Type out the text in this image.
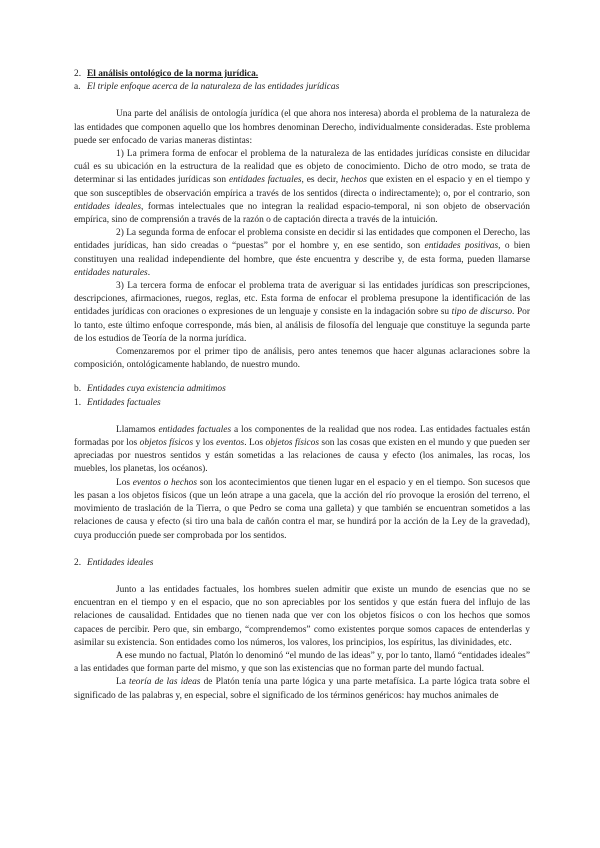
2. El análisis ontológico de la norma jurídica.

a. El triple enfoque acerca de la naturaleza de las entidades jurídicas

Una parte del análisis de ontología jurídica (el que ahora nos interesa) aborda el problema de la naturaleza de las entidades que componen aquello que los hombres denominan Derecho, individualmente consideradas. Este problema puede ser enfocado de varias maneras distintas:

1) La primera forma de enfocar el problema de la naturaleza de las entidades jurídicas consiste en dilucidar cuál es su ubicación en la estructura de la realidad que es objeto de conocimiento. Dicho de otro modo, se trata de determinar si las entidades jurídicas son entidades factuales, es decir, hechos que existen en el espacio y en el tiempo y que son susceptibles de observación empírica a través de los sentidos (directa o indirectamente); o, por el contrario, son entidades ideales, formas intelectuales que no integran la realidad espacio-temporal, ni son objeto de observación empírica, sino de comprensión a través de la razón o de captación directa a través de la intuición.

2) La segunda forma de enfocar el problema consiste en decidir si las entidades que componen el Derecho, las entidades jurídicas, han sido creadas o “puestas” por el hombre y, en ese sentido, son entidades positivas, o bien constituyen una realidad independiente del hombre, que éste encuentra y describe y, de esta forma, pueden llamarse entidades naturales.

3) La tercera forma de enfocar el problema trata de averiguar si las entidades jurídicas son prescripciones, descripciones, afirmaciones, ruegos, reglas, etc. Esta forma de enfocar el problema presupone la identificación de las entidades jurídicas con oraciones o expresiones de un lenguaje y consiste en la indagación sobre su tipo de discurso. Por lo tanto, este último enfoque corresponde, más bien, al análisis de filosofía del lenguaje que constituye la segunda parte de los estudios de Teoría de la norma jurídica.

Comenzaremos por el primer tipo de análisis, pero antes tenemos que hacer algunas aclaraciones sobre la composición, ontológicamente hablando, de nuestro mundo.

b. Entidades cuya existencia admitimos

1. Entidades factuales

Llamamos entidades factuales a los componentes de la realidad que nos rodea. Las entidades factuales están formadas por los objetos físicos y los eventos. Los objetos físicos son las cosas que existen en el mundo y que pueden ser apreciadas por nuestros sentidos y están sometidas a las relaciones de causa y efecto (los animales, las rocas, los muebles, los planetas, los océanos).

Los eventos o hechos son los acontecimientos que tienen lugar en el espacio y en el tiempo. Son sucesos que les pasan a los objetos físicos (que un león atrape a una gacela, que la acción del río provoque la erosión del terreno, el movimiento de traslación de la Tierra, o que Pedro se coma una galleta) y que también se encuentran sometidos a las relaciones de causa y efecto (si tiro una bala de cañón contra el mar, se hundirá por la acción de la Ley de la gravedad), cuya producción puede ser comprobada por los sentidos.

2. Entidades ideales

Junto a las entidades factuales, los hombres suelen admitir que existe un mundo de esencias que no se encuentran en el tiempo y en el espacio, que no son apreciables por los sentidos y que están fuera del influjo de las relaciones de causalidad. Entidades que no tienen nada que ver con los objetos físicos o con los hechos que somos capaces de percibir. Pero que, sin embargo, “comprendemos” como existentes porque somos capaces de entenderlas y asimilar su existencia. Son entidades como los números, los valores, los principios, los espíritus, las divinidades, etc.

A ese mundo no factual, Platón lo denominó “el mundo de las ideas” y, por lo tanto, llamó “entidades ideales” a las entidades que forman parte del mismo, y que son las existencias que no forman parte del mundo factual.

La teoría de las ideas de Platón tenía una parte lógica y una parte metafísica. La parte lógica trata sobre el significado de las palabras y, en especial, sobre el significado de los términos genéricos: hay muchos animales de
